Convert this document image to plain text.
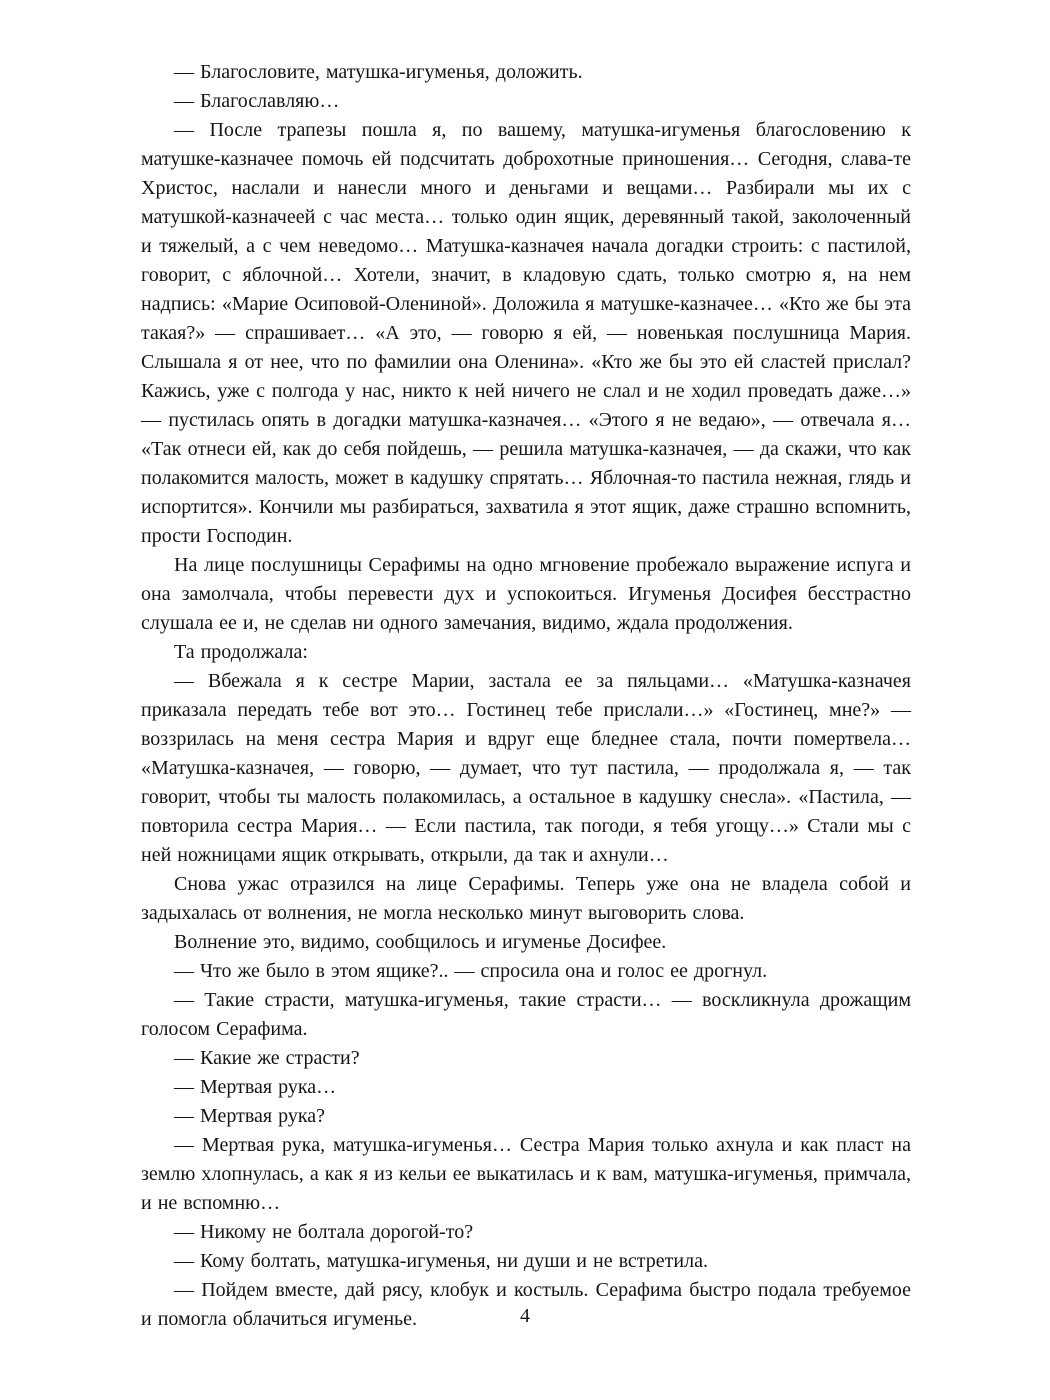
— Благословите, матушка-игуменья, доложить.

— Благославляю…

— После трапезы пошла я, по вашему, матушка-игуменья благословению к матушке-казначее помочь ей подсчитать доброхотные приношения… Сегодня, слава-те Христос, наслали и нанесли много и деньгами и вещами… Разбирали мы их с матушкой-казначеей с час места… только один ящик, деревянный такой, заколоченный и тяжелый, а с чем неведомо… Матушка-казначея начала догадки строить: с пастилой, говорит, с яблочной… Хотели, значит, в кладовую сдать, только смотрю я, на нем надпись: «Марие Осиповой-Олениной». Доложила я матушке-казначее… «Кто же бы эта такая?» — спрашивает… «А это, — говорю я ей, — новенькая послушница Мария. Слышала я от нее, что по фамилии она Оленина». «Кто же бы это ей сластей прислал? Кажись, уже с полгода у нас, никто к ней ничего не слал и не ходил проведать даже…» — пустилась опять в догадки матушка-казначея… «Этого я не ведаю», — отвечала я… «Так отнеси ей, как до себя пойдешь, — решила матушка-казначея, — да скажи, что как полакомится малость, может в кадушку спрятать… Яблочная-то пастила нежная, глядь и испортится». Кончили мы разбираться, захватила я этот ящик, даже страшно вспомнить, прости Господин.

На лице послушницы Серафимы на одно мгновение пробежало выражение испуга и она замолчала, чтобы перевести дух и успокоиться. Игуменья Досифея бесстрастно слушала ее и, не сделав ни одного замечания, видимо, ждала продолжения.

Та продолжала:

— Вбежала я к сестре Марии, застала ее за пяльцами… «Матушка-казначея приказала передать тебе вот это… Гостинец тебе прислали…» «Гостинец, мне?» — воззрилась на меня сестра Мария и вдруг еще бледнее стала, почти помертвела… «Матушка-казначея, — говорю, — думает, что тут пастила, — продолжала я, — так говорит, чтобы ты малость полакомилась, а остальное в кадушку снесла». «Пастила, — повторила сестра Мария… — Если пастила, так погоди, я тебя угощу…» Стали мы с ней ножницами ящик открывать, открыли, да так и ахнули…

Снова ужас отразился на лице Серафимы. Теперь уже она не владела собой и задыхалась от волнения, не могла несколько минут выговорить слова.

Волнение это, видимо, сообщилось и игуменье Досифее.

— Что же было в этом ящике?.. — спросила она и голос ее дрогнул.

— Такие страсти, матушка-игуменья, такие страсти… — воскликнула дрожащим голосом Серафима.

— Какие же страсти?

— Мертвая рука…

— Мертвая рука?

— Мертвая рука, матушка-игуменья… Сестра Мария только ахнула и как пласт на землю хлопнулась, а как я из кельи ее выкатилась и к вам, матушка-игуменья, примчала, и не вспомню…

— Никому не болтала дорогой-то?

— Кому болтать, матушка-игуменья, ни души и не встретила.

— Пойдем вместе, дай рясу, клобук и костыль. Серафима быстро подала требуемое и помогла облачиться игуменье.	4
